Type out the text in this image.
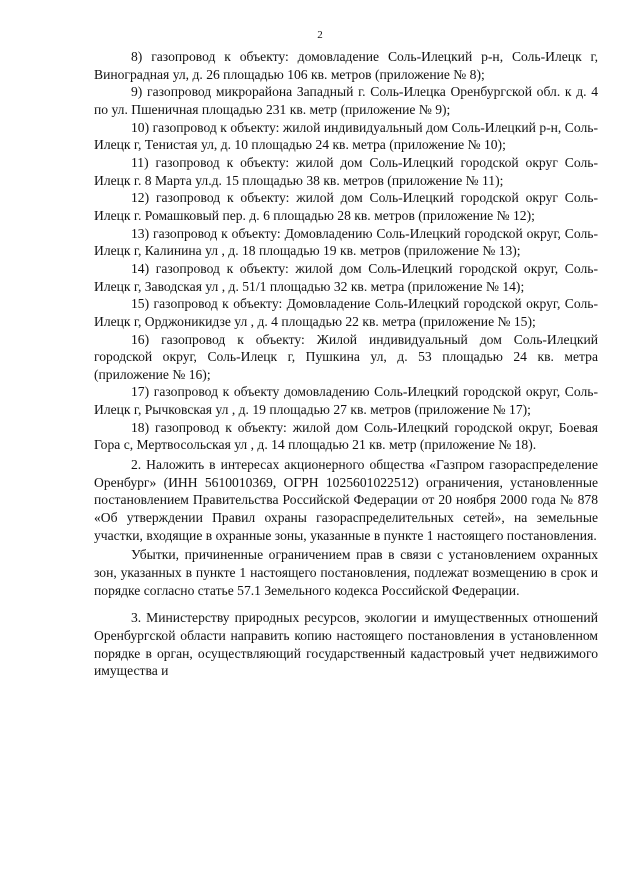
2

8) газопровод к объекту: домовладение Соль-Илецкий р-н, Соль-Илецк г, Виноградная ул, д. 26 площадью 106 кв. метров (приложение № 8);

9) газопровод микрорайона Западный г. Соль-Илецка Оренбургской обл. к д. 4 по ул. Пшеничная площадью 231 кв. метр (приложение № 9);

10) газопровод к объекту: жилой индивидуальный дом Соль-Илецкий р-н, Соль-Илецк г, Тенистая ул, д. 10 площадью 24 кв. метра (приложение № 10);

11) газопровод к объекту: жилой дом Соль-Илецкий городской округ Соль-Илецк г. 8 Марта ул.д. 15 площадью 38 кв. метров (приложение № 11);

12) газопровод к объекту: жилой дом Соль-Илецкий городской округ Соль-Илецк г. Ромашковый пер. д. 6 площадью 28 кв. метров (приложение № 12);

13) газопровод к объекту: Домовладению Соль-Илецкий городской округ, Соль-Илецк г, Калинина ул , д. 18 площадью 19 кв. метров (приложение № 13);

14) газопровод к объекту: жилой дом Соль-Илецкий городской округ, Соль-Илецк г, Заводская ул , д. 51/1 площадью 32 кв. метра (приложение № 14);

15) газопровод к объекту: Домовладение Соль-Илецкий городской округ, Соль-Илецк г, Орджоникидзе ул , д. 4 площадью 22 кв. метра (приложение № 15);

16) газопровод к объекту: Жилой индивидуальный дом Соль-Илецкий городской округ, Соль-Илецк г, Пушкина ул, д. 53 площадью 24 кв. метра (приложение № 16);

17) газопровод к объекту домовладению Соль-Илецкий городской округ, Соль-Илецк г, Рычковская ул , д. 19 площадью 27 кв. метров (приложение № 17);

18) газопровод к объекту: жилой дом Соль-Илецкий городской округ, Боевая Гора с, Мертвосольская ул , д. 14 площадью 21 кв. метр (приложение № 18).

2. Наложить в интересах акционерного общества «Газпром газораспределение Оренбург» (ИНН 5610010369, ОГРН 1025601022512) ограничения, установленные постановлением Правительства Российской Федерации от 20 ноября 2000 года № 878 «Об утверждении Правил охраны газораспределительных сетей», на земельные участки, входящие в охранные зоны, указанные в пункте 1 настоящего постановления.

Убытки, причиненные ограничением прав в связи с установлением охранных зон, указанных в пункте 1 настоящего постановления, подлежат возмещению в срок и порядке согласно статье 57.1 Земельного кодекса Российской Федерации.

3. Министерству природных ресурсов, экологии и имущественных отношений Оренбургской области направить копию настоящего постановления в установленном порядке в орган, осуществляющий государственный кадастровый учет недвижимого имущества и
